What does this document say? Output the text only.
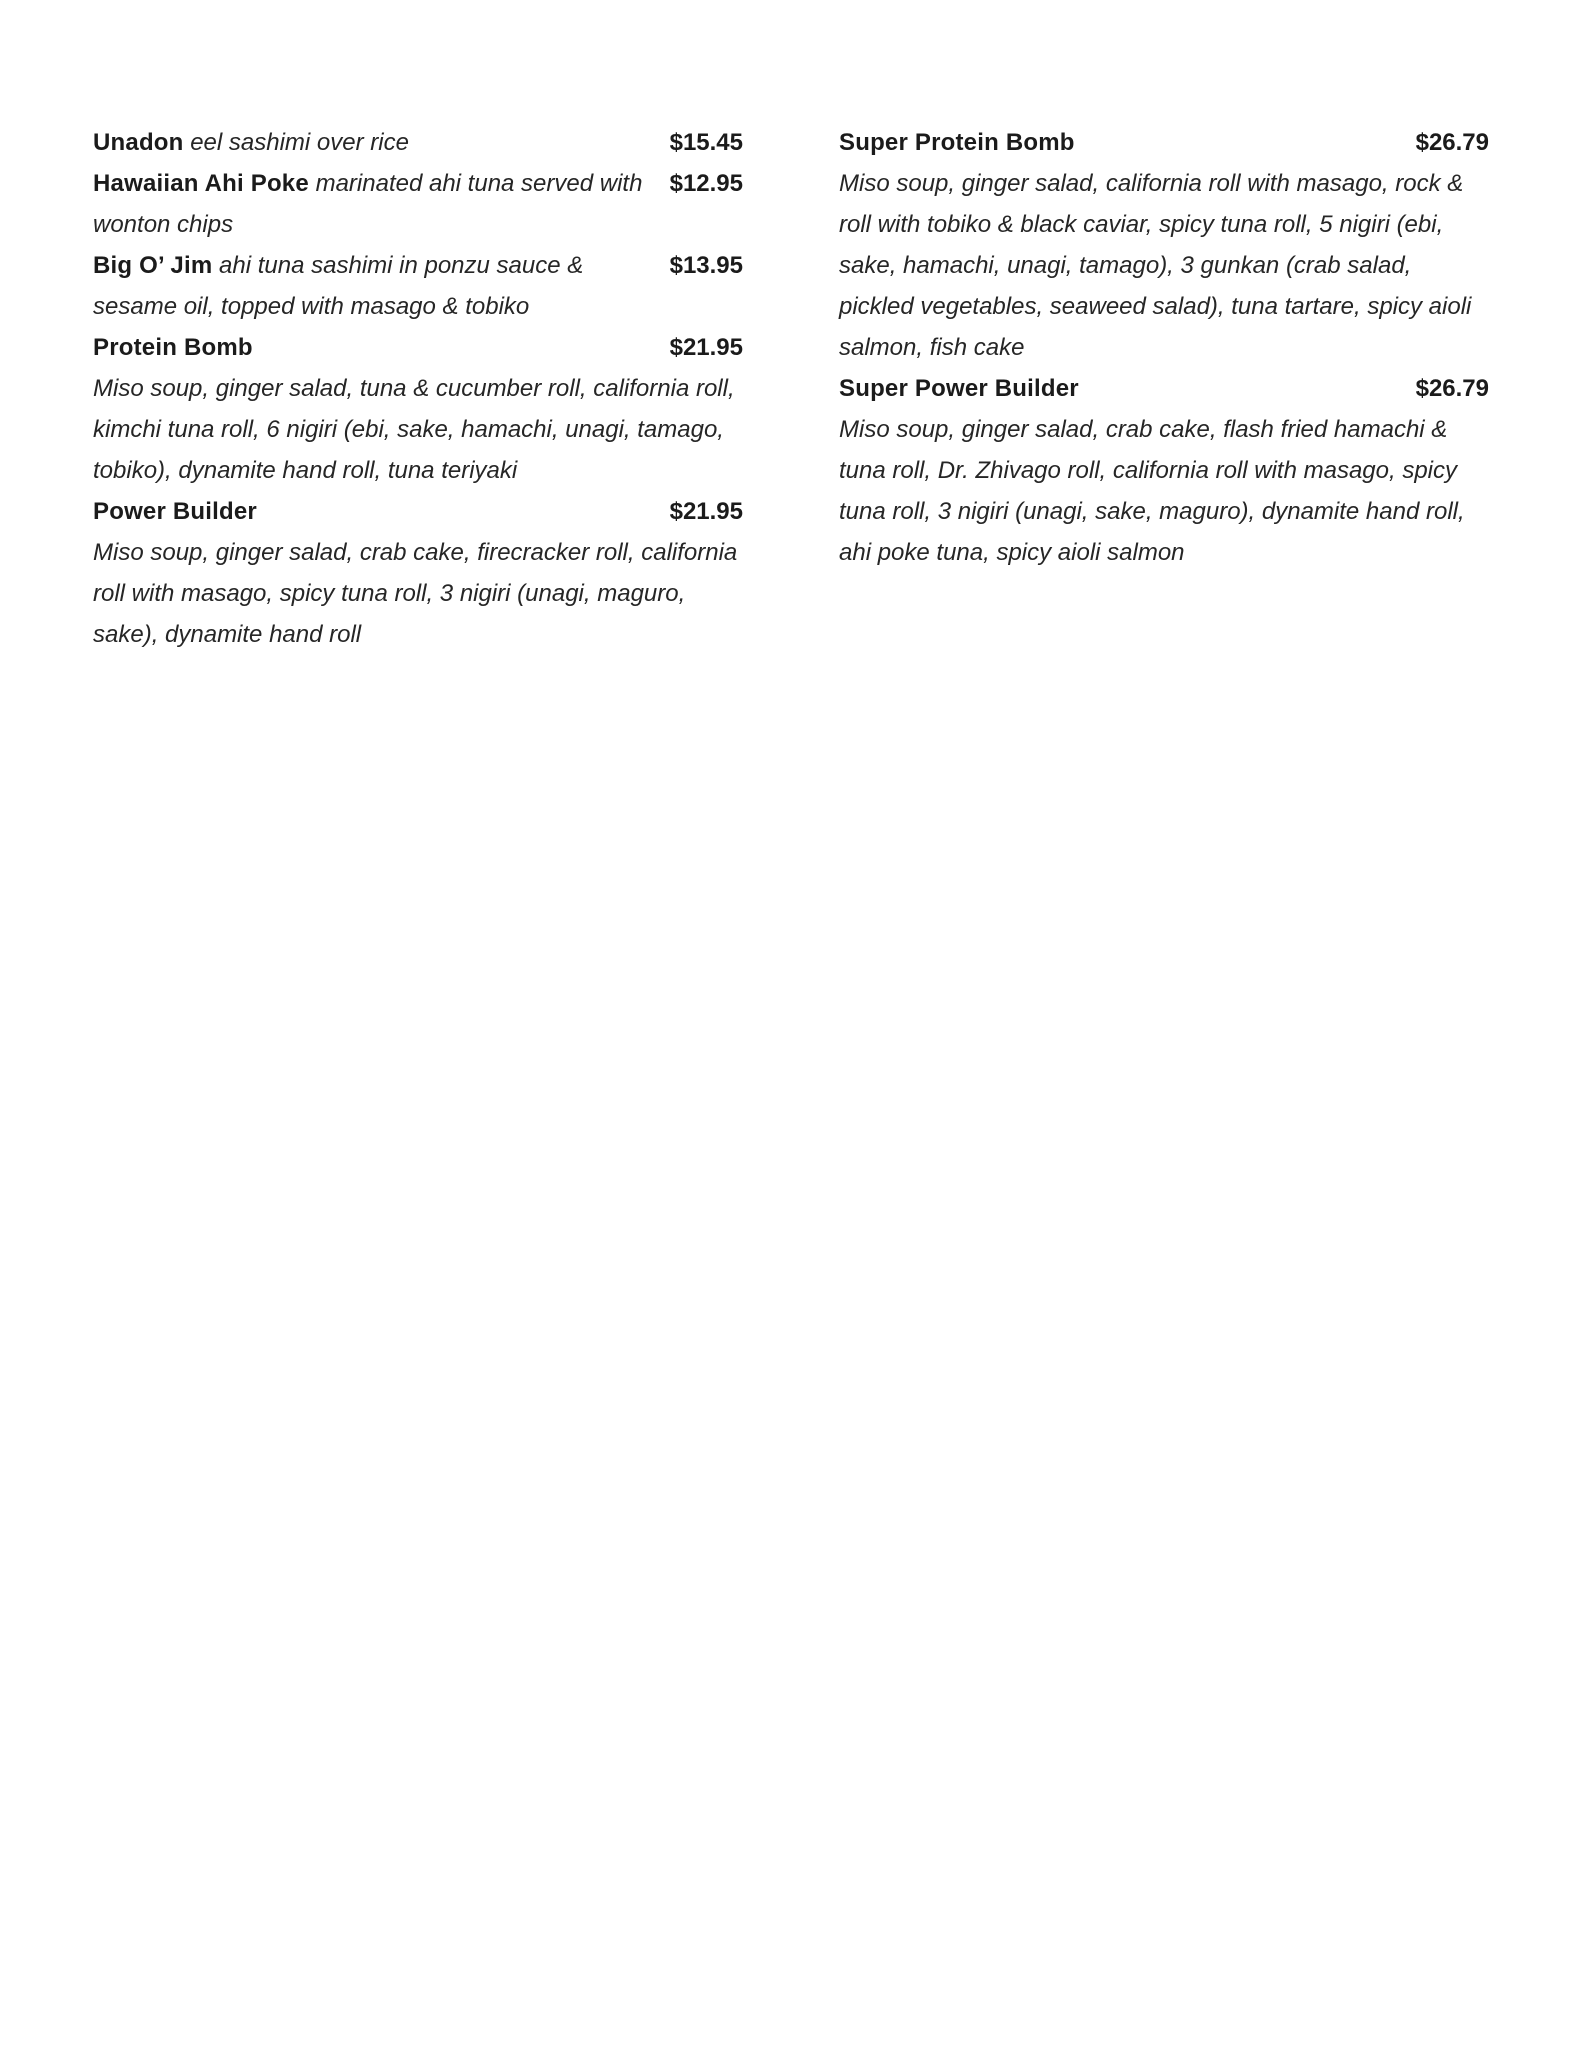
$15.45
Unadon eel sashimi over rice

$12.95
Hawaiian Ahi Poke marinated ahi tuna served with wonton chips

$13.95
Big O’ Jim ahi tuna sashimi in ponzu sauce & sesame oil, topped with masago & tobiko

$21.95
Protein Bomb

Miso soup, ginger salad, tuna & cucumber roll, california roll, kimchi tuna roll, 6 nigiri (ebi, sake, hamachi, unagi, tamago, tobiko), dynamite hand roll, tuna teriyaki

$21.95
Power Builder

Miso soup, ginger salad, crab cake, firecracker roll, california roll with masago, spicy tuna roll, 3 nigiri (unagi, maguro, sake), dynamite hand roll

$26.79
Super Protein Bomb

Miso soup, ginger salad, california roll with masago, rock & roll with tobiko & black caviar, spicy tuna roll, 5 nigiri (ebi, sake, hamachi, unagi, tamago), 3 gunkan (crab salad, pickled vegetables, seaweed salad), tuna tartare, spicy aioli salmon, fish cake

$26.79
Super Power Builder

Miso soup, ginger salad, crab cake, flash fried hamachi & tuna roll, Dr. Zhivago roll, california roll with masago, spicy tuna roll, 3 nigiri (unagi, sake, maguro), dynamite hand roll, ahi poke tuna, spicy aioli salmon
